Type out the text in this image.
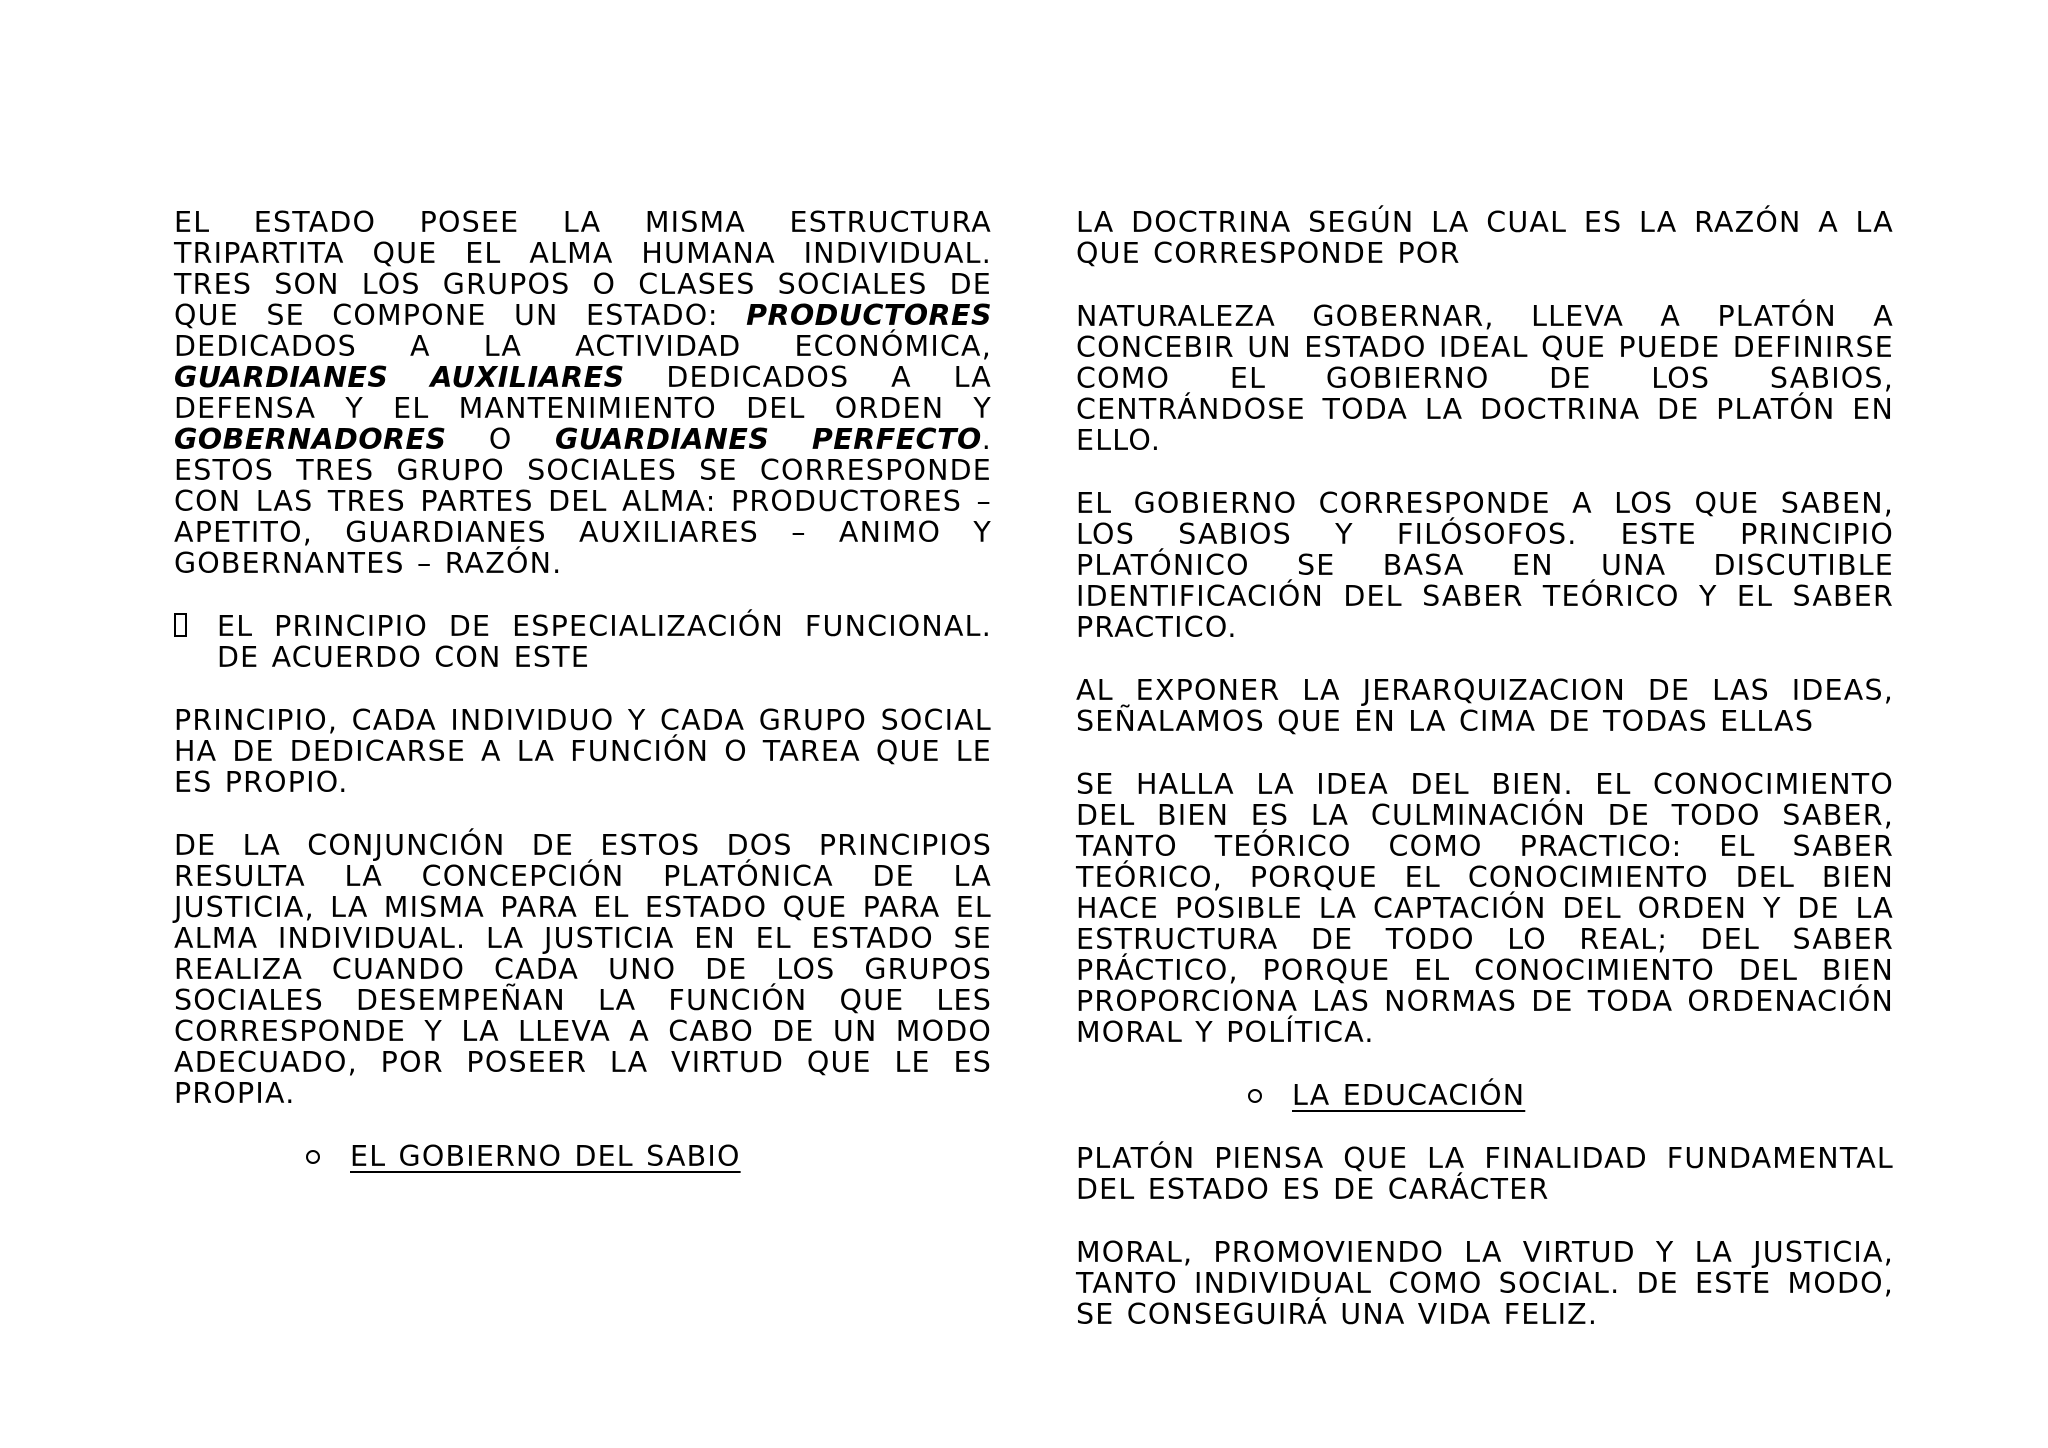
EL ESTADO POSEE LA MISMA ESTRUCTURA TRIPARTITA QUE EL ALMA HUMANA INDIVIDUAL. TRES SON LOS GRUPOS O CLASES SOCIALES DE QUE SE COMPONE UN ESTADO: PRODUCTORES DEDICADOS A LA ACTIVIDAD ECONÓMICA, GUARDIANES AUXILIARES DEDICADOS A LA DEFENSA Y EL MANTENIMIENTO DEL ORDEN Y GOBERNADORES O GUARDIANES PERFECTO. ESTOS TRES GRUPO SOCIALES SE CORRESPONDE CON LAS TRES PARTES DEL ALMA: PRODUCTORES – APETITO, GUARDIANES AUXILIARES – ANIMO Y GOBERNANTES – RAZÓN.

EL PRINCIPIO DE ESPECIALIZACIÓN FUNCIONAL. DE ACUERDO CON ESTE

PRINCIPIO, CADA INDIVIDUO Y CADA GRUPO SOCIAL HA DE DEDICARSE A LA FUNCIÓN O TAREA QUE LE ES PROPIO.

DE LA CONJUNCIÓN DE ESTOS DOS PRINCIPIOS RESULTA LA CONCEPCIÓN PLATÓNICA DE LA JUSTICIA, LA MISMA PARA EL ESTADO QUE PARA EL ALMA INDIVIDUAL. LA JUSTICIA EN EL ESTADO SE REALIZA CUANDO CADA UNO DE LOS GRUPOS SOCIALES DESEMPEÑAN LA FUNCIÓN QUE LES CORRESPONDE Y LA LLEVA A CABO DE UN MODO ADECUADO, POR POSEER LA VIRTUD QUE LE ES PROPIA.

EL GOBIERNO DEL SABIO

LA DOCTRINA SEGÚN LA CUAL ES LA RAZÓN A LA QUE CORRESPONDE POR

NATURALEZA GOBERNAR, LLEVA A PLATÓN A CONCEBIR UN ESTADO IDEAL QUE PUEDE DEFINIRSE COMO EL GOBIERNO DE LOS SABIOS, CENTRÁNDOSE TODA LA DOCTRINA DE PLATÓN EN ELLO.

EL GOBIERNO CORRESPONDE A LOS QUE SABEN, LOS SABIOS Y FILÓSOFOS. ESTE PRINCIPIO PLATÓNICO SE BASA EN UNA DISCUTIBLE IDENTIFICACIÓN DEL SABER TEÓRICO Y EL SABER PRACTICO.

AL EXPONER LA JERARQUIZACION DE LAS IDEAS, SEÑALAMOS QUE EN LA CIMA DE TODAS ELLAS

SE HALLA LA IDEA DEL BIEN. EL CONOCIMIENTO DEL BIEN ES LA CULMINACIÓN DE TODO SABER, TANTO TEÓRICO COMO PRACTICO: EL SABER TEÓRICO, PORQUE EL CONOCIMIENTO DEL BIEN HACE POSIBLE LA CAPTACIÓN DEL ORDEN Y DE LA ESTRUCTURA DE TODO LO REAL; DEL SABER PRÁCTICO, PORQUE EL CONOCIMIENTO DEL BIEN PROPORCIONA LAS NORMAS DE TODA ORDENACIÓN MORAL Y POLÍTICA.

LA EDUCACIÓN

PLATÓN PIENSA QUE LA FINALIDAD FUNDAMENTAL DEL ESTADO ES DE CARÁCTER

MORAL, PROMOVIENDO LA VIRTUD Y LA JUSTICIA, TANTO INDIVIDUAL COMO SOCIAL. DE ESTE MODO, SE CONSEGUIRÁ UNA VIDA FELIZ.
